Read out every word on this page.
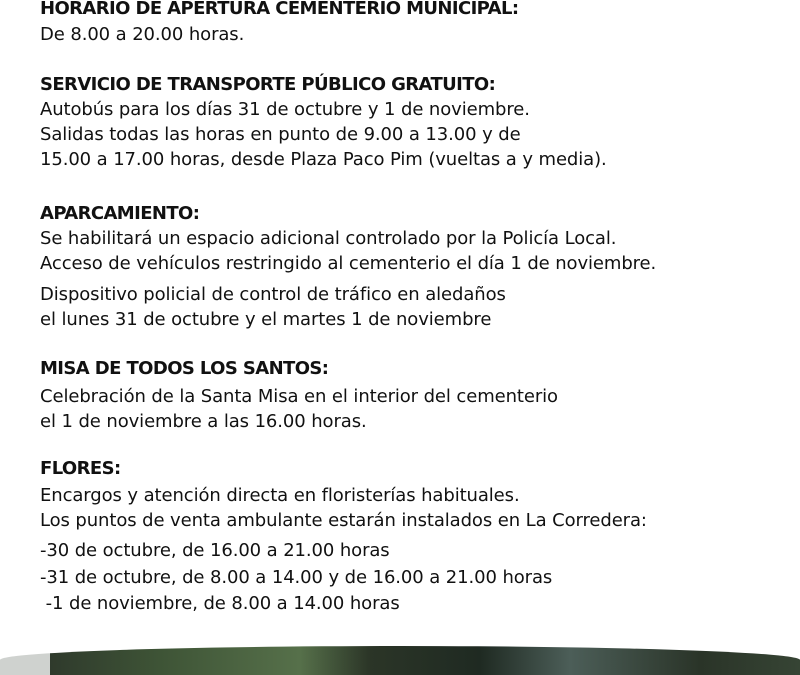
HORARIO DE APERTURA CEMENTERIO MUNICIPAL:
De 8.00 a 20.00 horas.
SERVICIO DE TRANSPORTE PÚBLICO GRATUITO:
Autobús para los días 31 de octubre y 1 de noviembre.
Salidas todas las horas en punto de 9.00 a 13.00 y de
15.00 a 17.00 horas, desde Plaza Paco Pim (vueltas a y media).
APARCAMIENTO:
Se habilitará un espacio adicional controlado por la Policía Local.
Acceso de vehículos restringido al cementerio el día 1 de noviembre.
Dispositivo policial de control de tráfico en aledaños
el lunes 31 de octubre y el martes 1 de noviembre
MISA DE TODOS LOS SANTOS:
Celebración de la Santa Misa en el interior del cementerio
el 1 de noviembre a las 16.00 horas.
FLORES:
Encargos y atención directa en floristerías habituales.
Los puntos de venta ambulante estarán instalados en La Corredera:
-30 de octubre, de 16.00 a 21.00 horas
-31 de octubre, de 8.00 a 14.00 y de 16.00 a 21.00 horas
-1 de noviembre, de 8.00 a 14.00 horas
